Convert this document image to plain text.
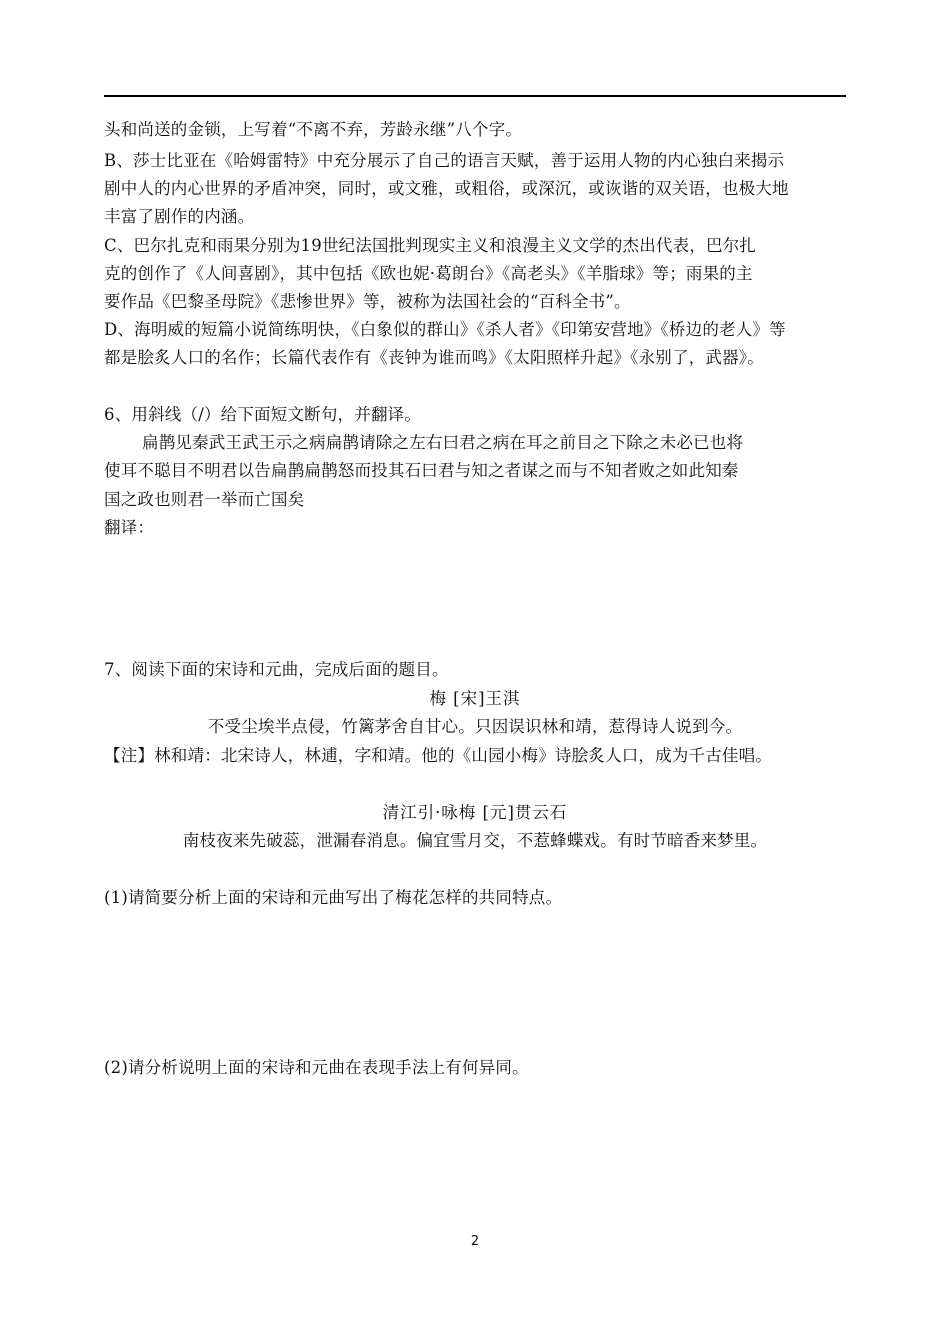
头和尚送的金锁，上写着“不离不弃，芳龄永继”八个字。
B、莎士比亚在《哈姆雷特》中充分展示了自己的语言天赋，善于运用人物的内心独白来揭示
剧中人的内心世界的矛盾冲突，同时，或文雅，或粗俗，或深沉，或诙谐的双关语，也极大地
丰富了剧作的内涵。
C、巴尔扎克和雨果分别为19世纪法国批判现实主义和浪漫主义文学的杰出代表，巴尔扎
克的创作了《人间喜剧》，其中包括《欧也妮·葛朗台》《高老头》《羊脂球》等；雨果的主
要作品《巴黎圣母院》《悲惨世界》等，被称为法国社会的“百科全书”。
D、海明威的短篇小说简练明快，《白象似的群山》《杀人者》《印第安营地》《桥边的老人》等
都是脍炙人口的名作；长篇代表作有《丧钟为谁而鸣》《太阳照样升起》《永别了，武器》。
6、用斜线（/）给下面短文断句，并翻译。
扁鹊见秦武王武王示之病扁鹊请除之左右曰君之病在耳之前目之下除之未必已也将
使耳不聪目不明君以告扁鹊扁鹊怒而投其石曰君与知之者谋之而与不知者败之如此知秦
国之政也则君一举而亡国矣
翻译：
7、阅读下面的宋诗和元曲，完成后面的题目。
梅 [宋]王淇
不受尘埃半点侵，竹篱茅舍自甘心。只因误识林和靖，惹得诗人说到今。
【注】林和靖：北宋诗人，林逋，字和靖。他的《山园小梅》诗脍炙人口，成为千古佳唱。
清江引·咏梅 [元]贯云石
南枝夜来先破蕊，泄漏春消息。偏宜雪月交，不惹蜂蝶戏。有时节暗香来梦里。
(1)请简要分析上面的宋诗和元曲写出了梅花怎样的共同特点。
(2)请分析说明上面的宋诗和元曲在表现手法上有何异同。
2
